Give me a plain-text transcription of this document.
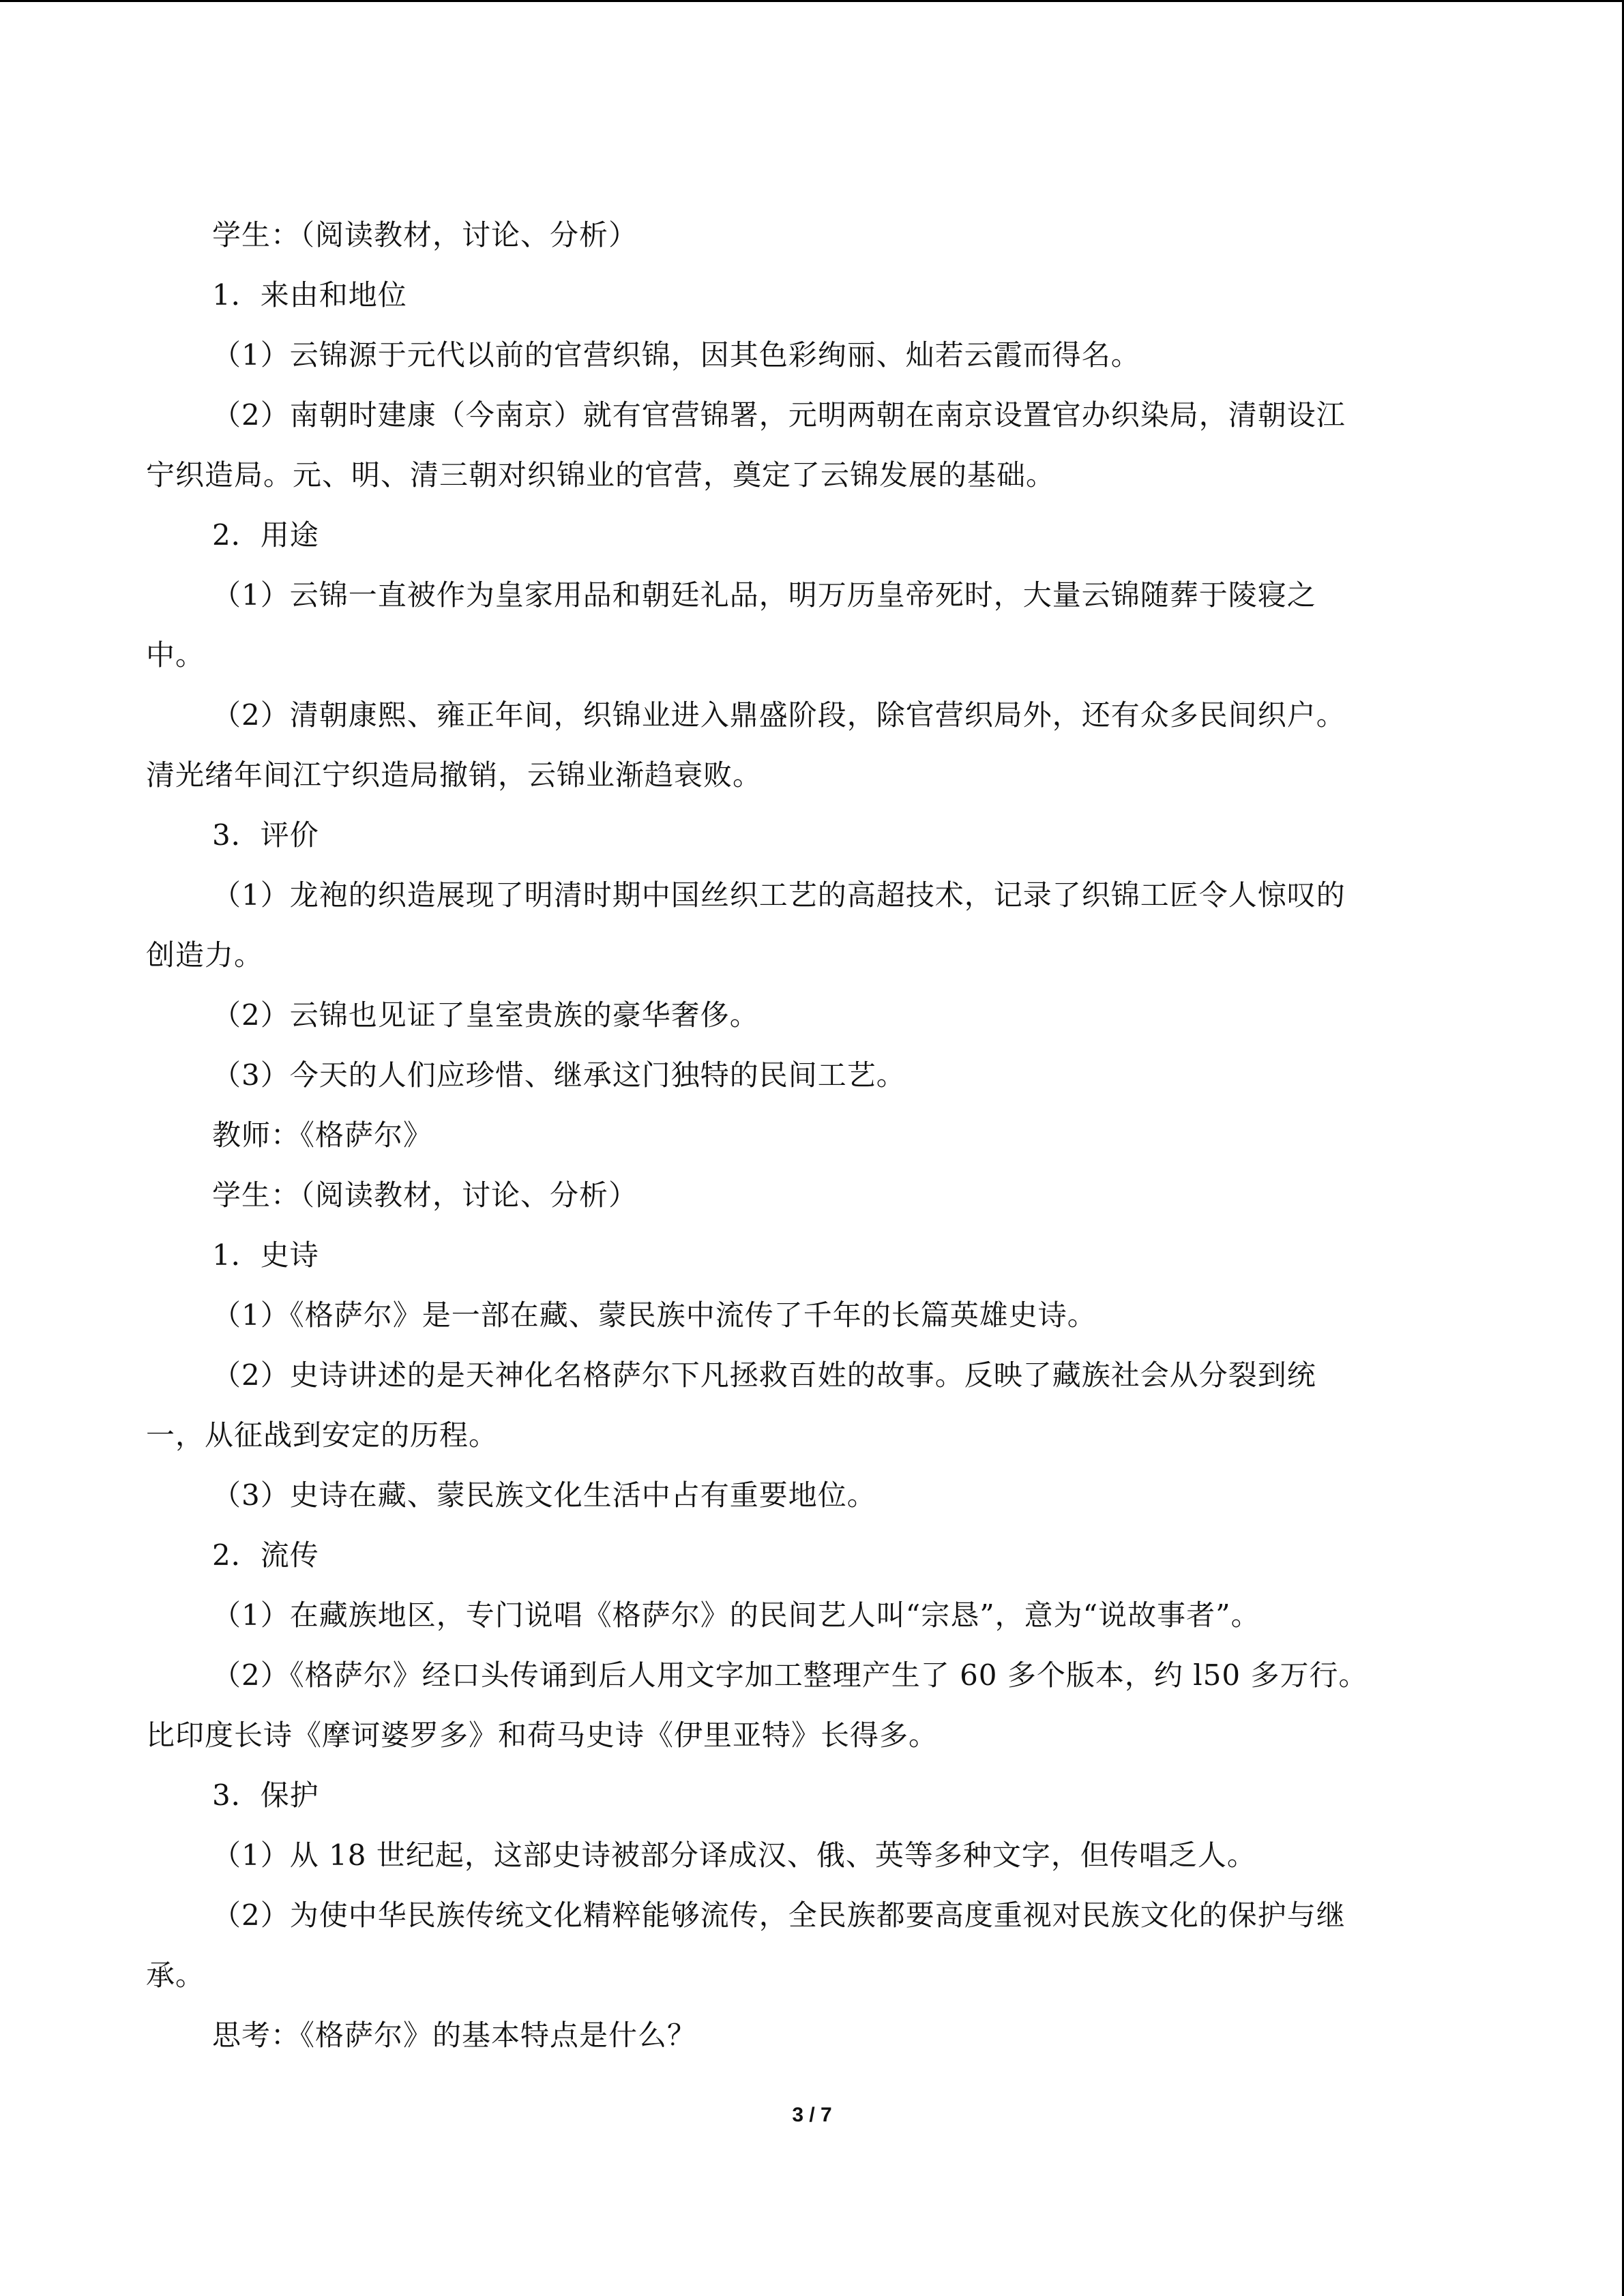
学生：（阅读教材，讨论、分析）
1．来由和地位
（1）云锦源于元代以前的官营织锦，因其色彩绚丽、灿若云霞而得名。
（2）南朝时建康（今南京）就有官营锦署，元明两朝在南京设置官办织染局，清朝设江
宁织造局。元、明、清三朝对织锦业的官营，奠定了云锦发展的基础。
2．用途
（1）云锦一直被作为皇家用品和朝廷礼品，明万历皇帝死时，大量云锦随葬于陵寝之
中。
（2）清朝康熙、雍正年间，织锦业进入鼎盛阶段，除官营织局外，还有众多民间织户。
清光绪年间江宁织造局撤销，云锦业渐趋衰败。
3．评价
（1）龙袍的织造展现了明清时期中国丝织工艺的高超技术，记录了织锦工匠令人惊叹的
创造力。
（2）云锦也见证了皇室贵族的豪华奢侈。
（3）今天的人们应珍惜、继承这门独特的民间工艺。
教师：《格萨尔》
学生：（阅读教材，讨论、分析）
1．史诗
（1）《格萨尔》是一部在藏、蒙民族中流传了千年的长篇英雄史诗。
（2）史诗讲述的是天神化名格萨尔下凡拯救百姓的故事。反映了藏族社会从分裂到统
一，从征战到安定的历程。
（3）史诗在藏、蒙民族文化生活中占有重要地位。
2．流传
（1）在藏族地区，专门说唱《格萨尔》的民间艺人叫“宗恳”，意为“说故事者”。
（2）《格萨尔》经口头传诵到后人用文字加工整理产生了 60 多个版本，约 l50 多万行。
比印度长诗《摩诃婆罗多》和荷马史诗《伊里亚特》长得多。
3．保护
（1）从 18 世纪起，这部史诗被部分译成汉、俄、英等多种文字，但传唱乏人。
（2）为使中华民族传统文化精粹能够流传，全民族都要高度重视对民族文化的保护与继
承。
思考：《格萨尔》的基本特点是什么？
3 / 7
